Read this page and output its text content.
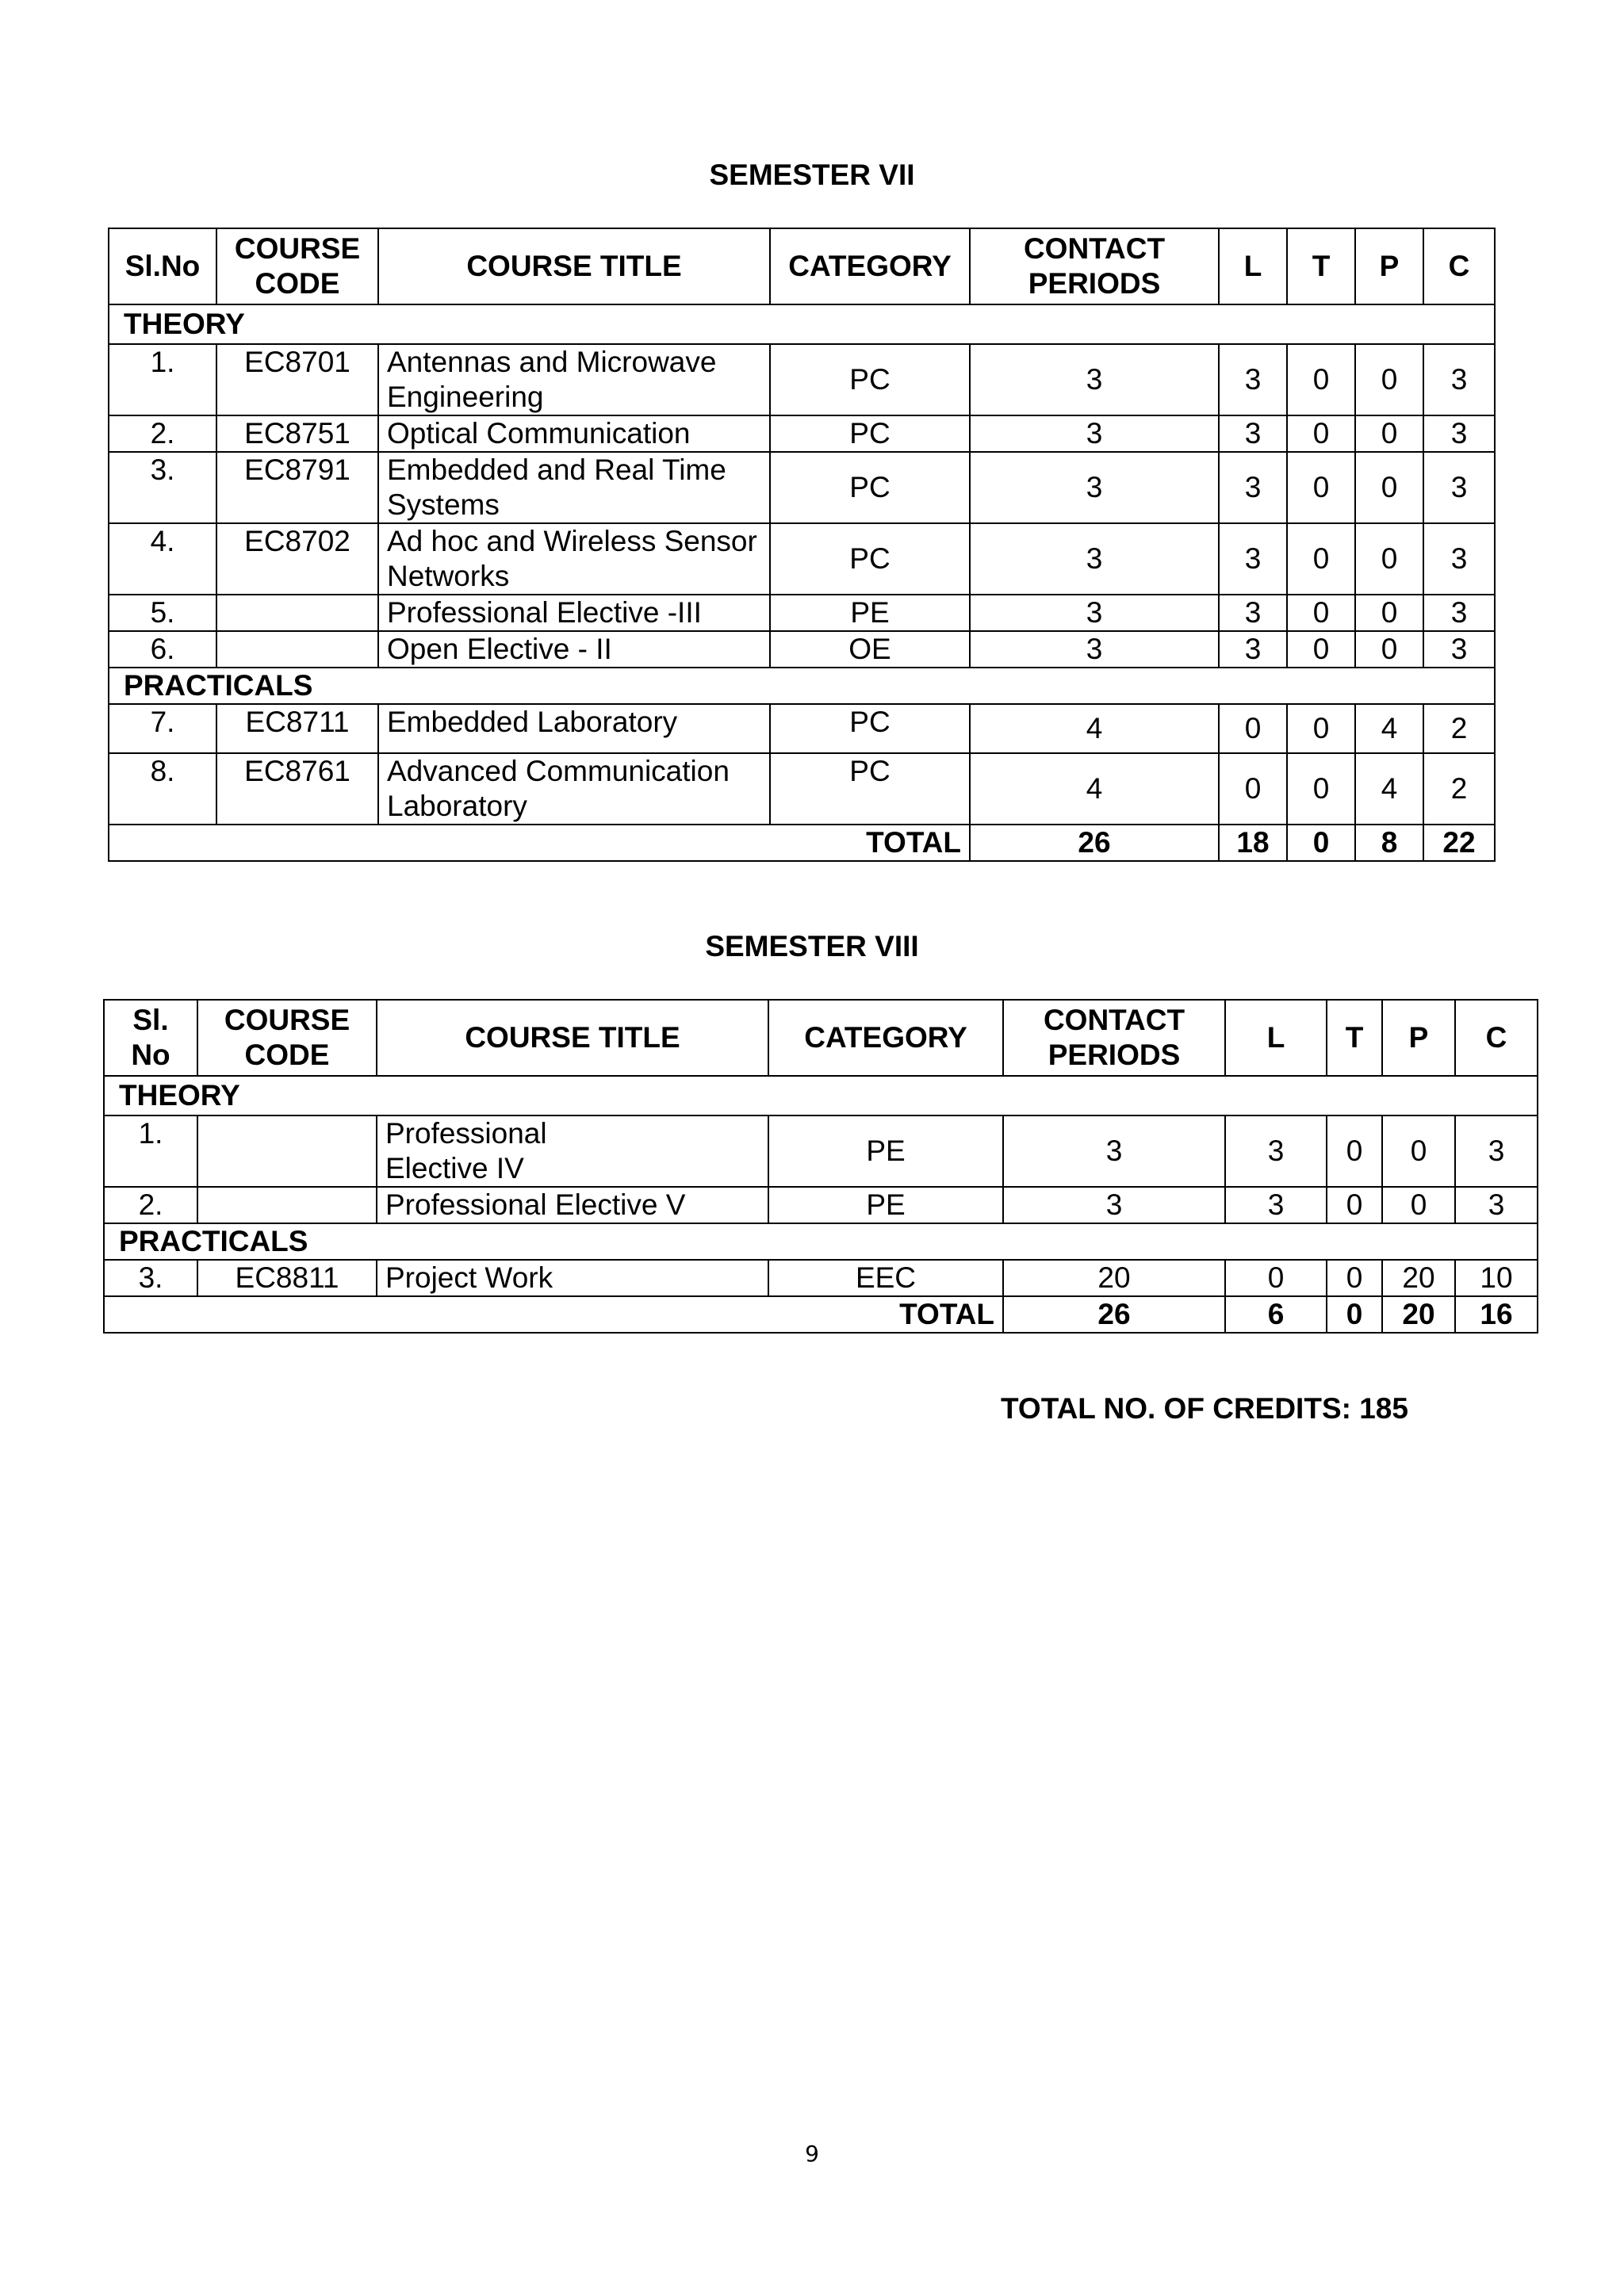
SEMESTER VII
Sl.No	COURSE CODE	COURSE TITLE	CATEGORY	CONTACT PERIODS	L	T	P	C
THEORY								
1.	EC8701	Antennas and Microwave Engineering	PC	3	3	0	0	3
2.	EC8751	Optical Communication	PC	3	3	0	0	3
3.	EC8791	Embedded and Real Time Systems	PC	3	3	0	0	3
4.	EC8702	Ad hoc and Wireless Sensor Networks	PC	3	3	0	0	3
5.		Professional Elective -III	PE	3	3	0	0	3
6.		Open Elective - II	OE	3	3	0	0	3
PRACTICALS								
7.	EC8711	Embedded Laboratory	PC	4	0	0	4	2
8.	EC8761	Advanced Communication Laboratory	PC	4	0	0	4	2
TOTAL				26	18	0	8	22
SEMESTER VIII
Sl. No	COURSE CODE	COURSE TITLE	CATEGORY	CONTACT PERIODS	L	T	P	C
THEORY								
1.		Professional Elective IV	PE	3	3	0	0	3
2.		Professional Elective V	PE	3	3	0	0	3
PRACTICALS								
3.	EC8811	Project Work	EEC	20	0	0	20	10
TOTAL				26	6	0	20	16
TOTAL NO. OF CREDITS: 185
9
